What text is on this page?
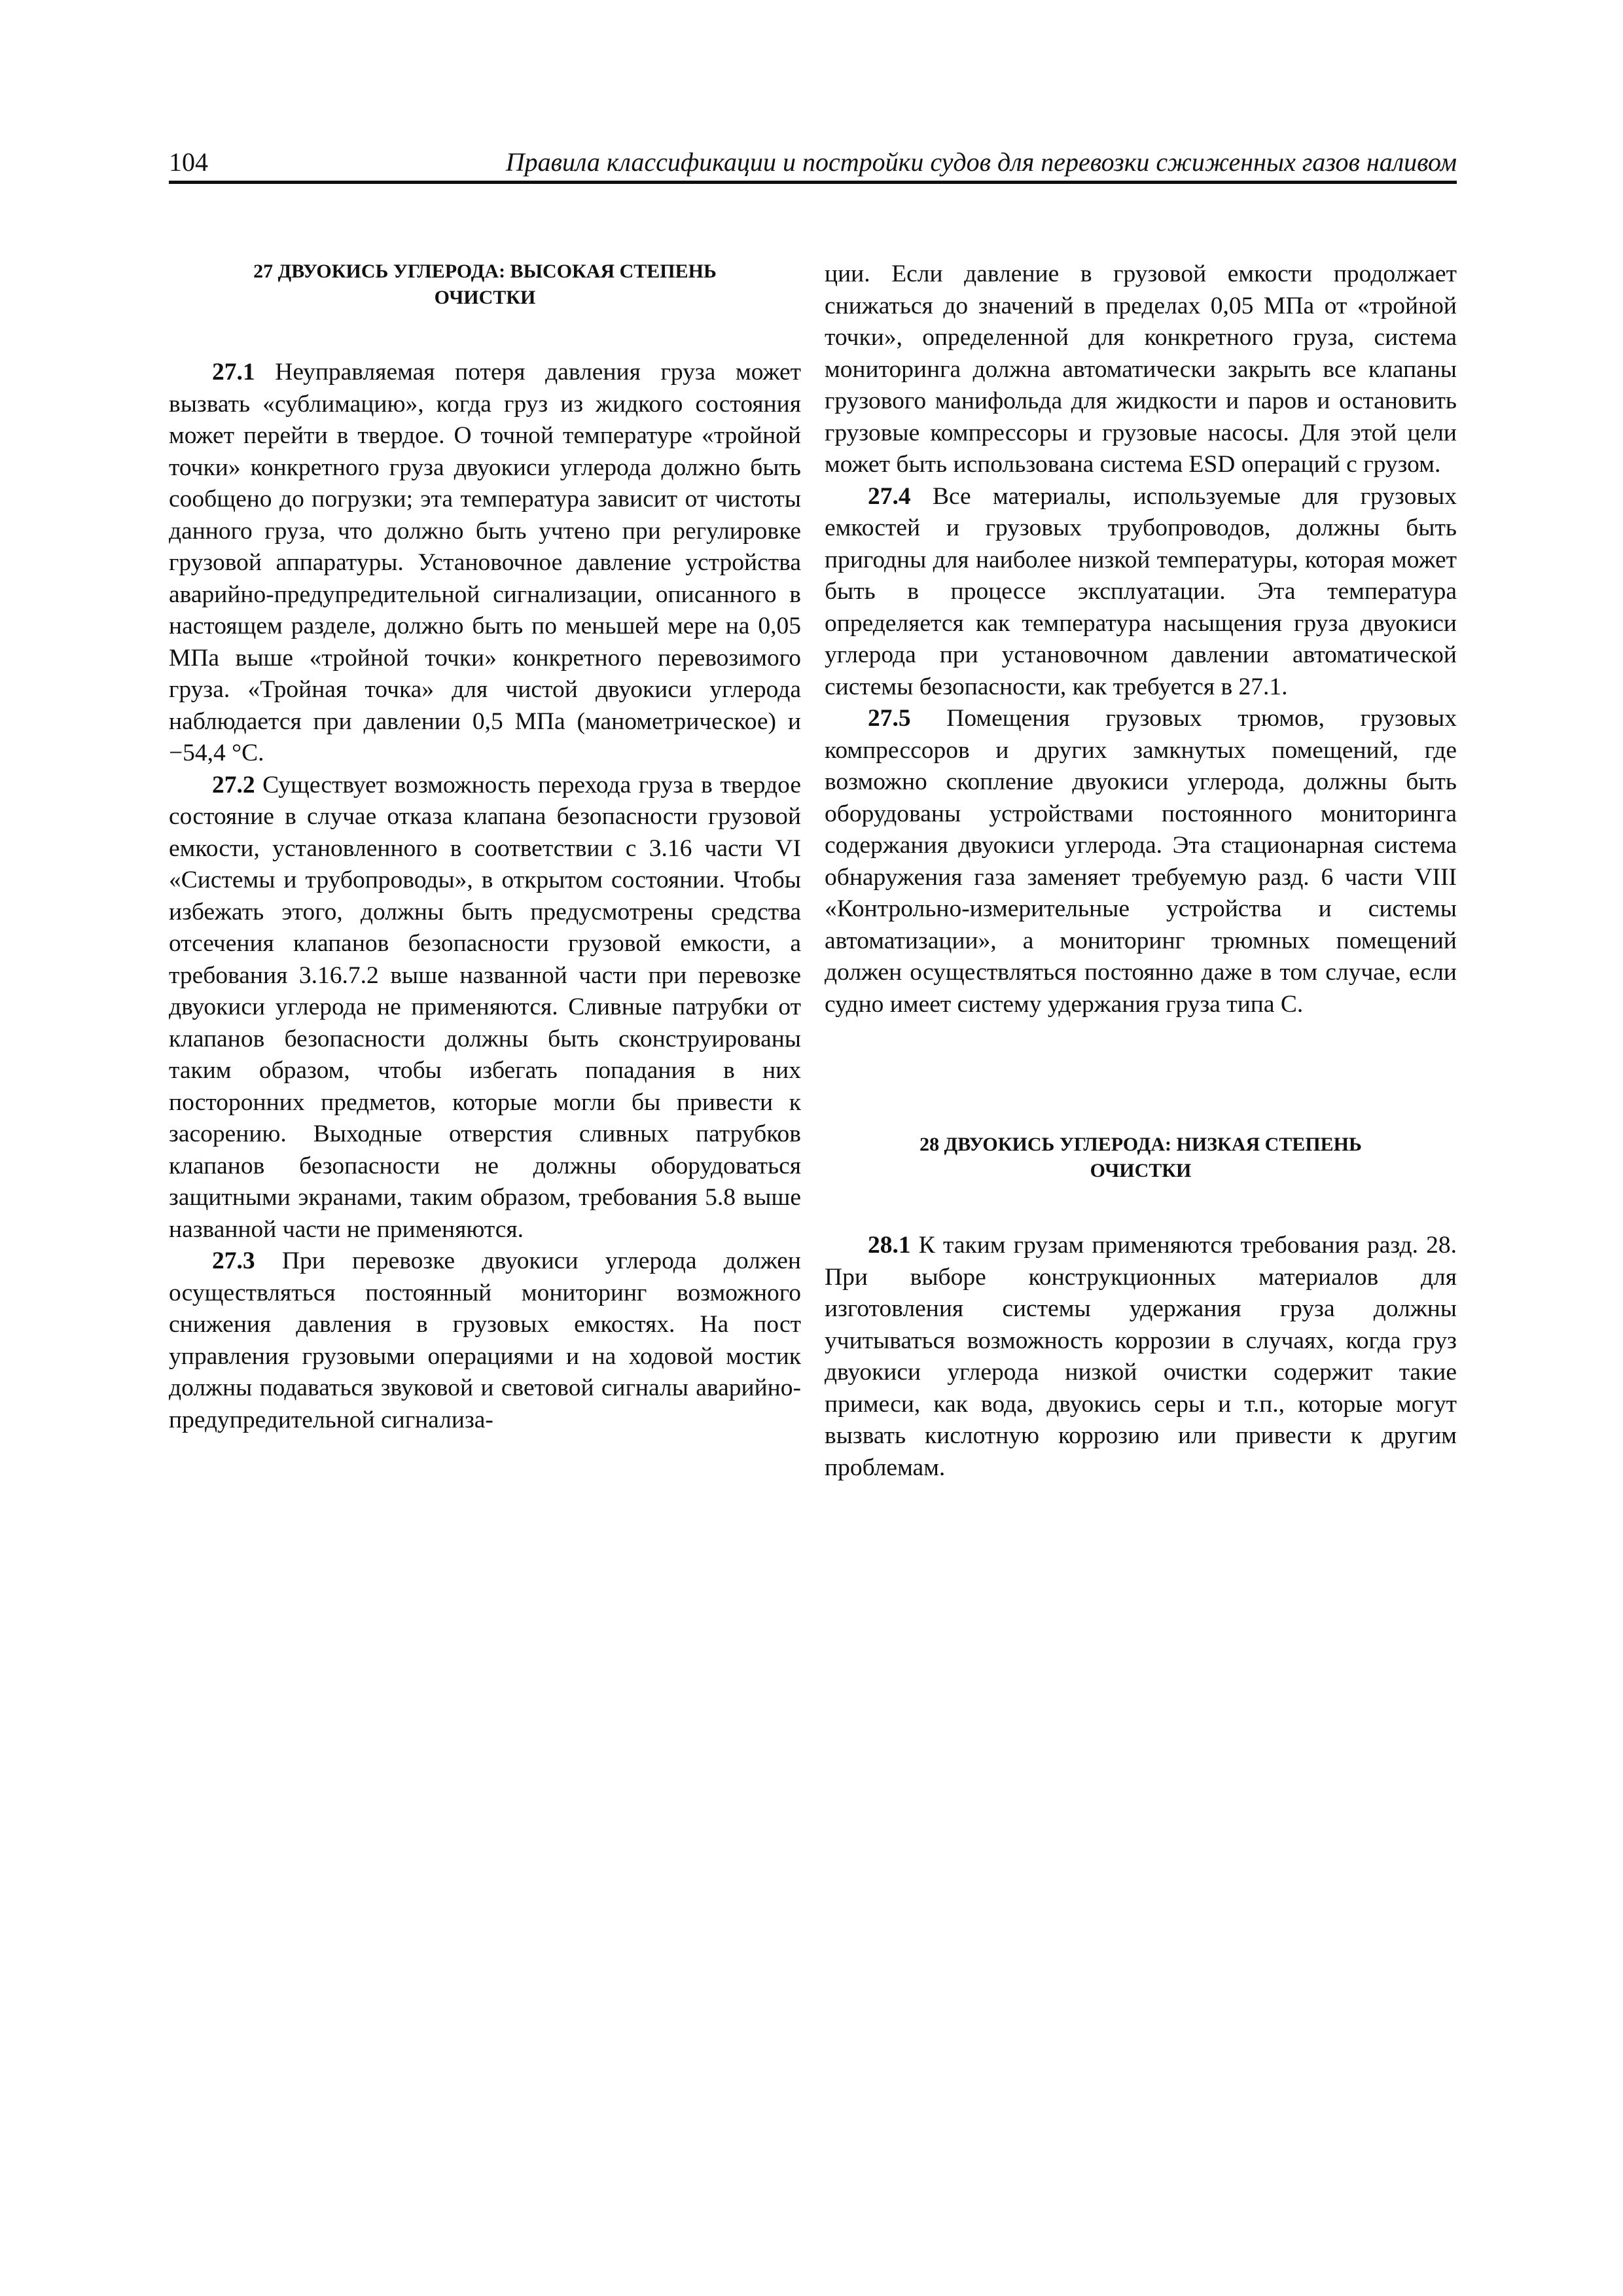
104	Правила классификации и постройки судов для перевозки сжиженных газов наливом
27 ДВУОКИСЬ УГЛЕРОДА: ВЫСОКАЯ СТЕПЕНЬ
ОЧИСТКИ

27.1 Неуправляемая потеря давления груза может вызвать «сублимацию», когда груз из жидкого состояния может перейти в твердое. О точной температуре «тройной точки» конкретного груза двуокиси углерода должно быть сообщено до погрузки; эта температура зависит от чистоты данного груза, что должно быть учтено при регулировке грузовой аппаратуры. Установочное давление устройства аварийно-предупредительной сигнализации, описанного в настоящем разделе, должно быть по меньшей мере на 0,05 МПа выше «тройной точки» конкретного перевозимого груза. «Тройная точка» для чистой двуокиси углерода наблюдается при давлении 0,5 МПа (манометрическое) и −54,4 °С.

27.2 Существует возможность перехода груза в твердое состояние в случае отказа клапана безопасности грузовой емкости, установленного в соответствии с 3.16 части VI «Системы и трубопроводы», в открытом состоянии. Чтобы избежать этого, должны быть предусмотрены средства отсечения клапанов безопасности грузовой емкости, а требования 3.16.7.2 выше названной части при перевозке двуокиси углерода не применяются. Сливные патрубки от клапанов безопасности должны быть сконструированы таким образом, чтобы избегать попадания в них посторонних предметов, которые могли бы привести к засорению. Выходные отверстия сливных патрубков клапанов безопасности не должны оборудоваться защитными экранами, таким образом, требования 5.8 выше названной части не применяются.

27.3 При перевозке двуокиси углерода должен осуществляться постоянный мониторинг возможного снижения давления в грузовых емкостях. На пост управления грузовыми операциями и на ходовой мостик должны подаваться звуковой и световой сигналы аварийно-предупредительной сигнализа-

ции. Если давление в грузовой емкости продолжает снижаться до значений в пределах 0,05 МПа от «тройной точки», определенной для конкретного груза, система мониторинга должна автоматически закрыть все клапаны грузового манифольда для жидкости и паров и остановить грузовые компрессоры и грузовые насосы. Для этой цели может быть использована система ESD операций с грузом.

27.4 Все материалы, используемые для грузовых емкостей и грузовых трубопроводов, должны быть пригодны для наиболее низкой температуры, которая может быть в процессе эксплуатации. Эта температура определяется как температура насыщения груза двуокиси углерода при установочном давлении автоматической системы безопасности, как требуется в 27.1.

27.5 Помещения грузовых трюмов, грузовых компрессоров и других замкнутых помещений, где возможно скопление двуокиси углерода, должны быть оборудованы устройствами постоянного мониторинга содержания двуокиси углерода. Эта стационарная система обнаружения газа заменяет требуемую разд. 6 части VIII «Контрольно-измерительные устройства и системы автоматизации», а мониторинг трюмных помещений должен осуществляться постоянно даже в том случае, если судно имеет систему удержания груза типа С.

28 ДВУОКИСЬ УГЛЕРОДА: НИЗКАЯ СТЕПЕНЬ
ОЧИСТКИ

28.1 К таким грузам применяются требования разд. 28. При выборе конструкционных материалов для изготовления системы удержания груза должны учитываться возможность коррозии в случаях, когда груз двуокиси углерода низкой очистки содержит такие примеси, как вода, двуокись серы и т.п., которые могут вызвать кислотную коррозию или привести к другим проблемам.
